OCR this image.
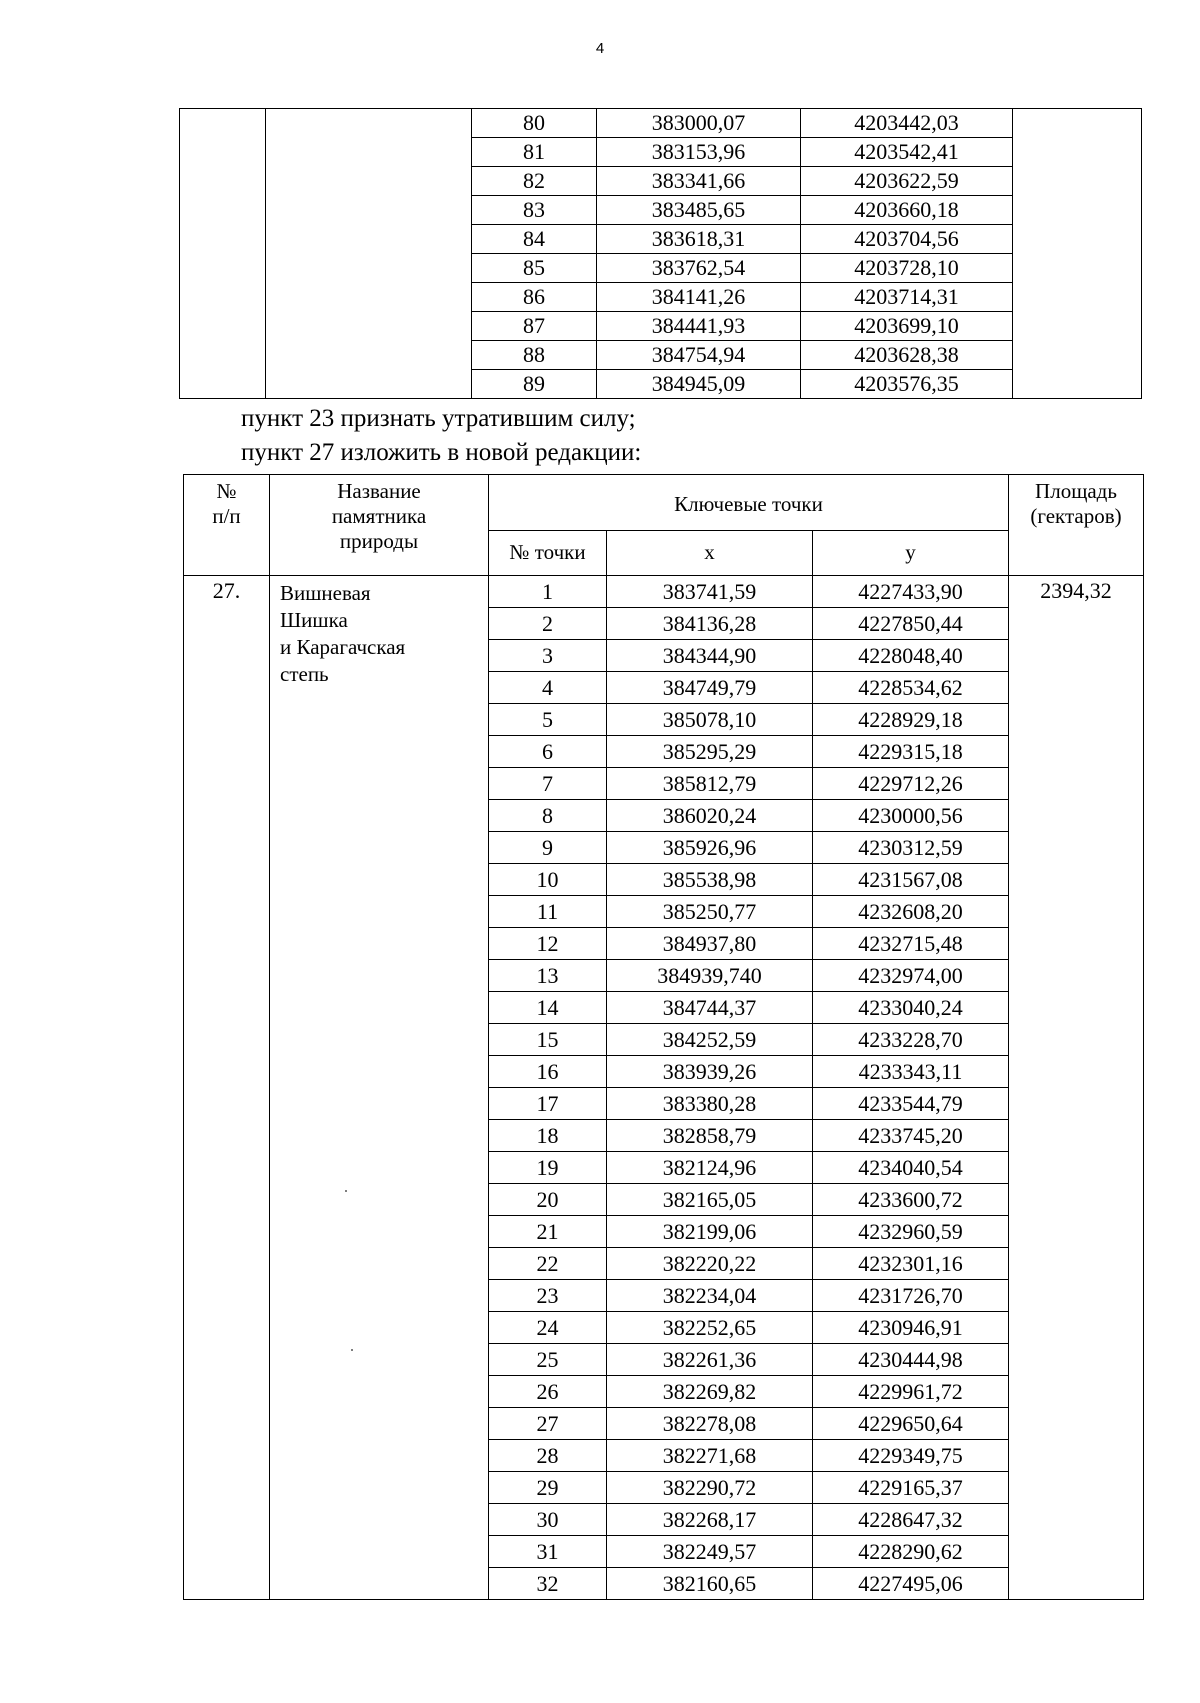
4
		80	383000,07	4203442,03	
		81	383153,96	4203542,41	
		82	383341,66	4203622,59	
		83	383485,65	4203660,18	
		84	383618,31	4203704,56	
		85	383762,54	4203728,10	
		86	384141,26	4203714,31	
		87	384441,93	4203699,10	
		88	384754,94	4203628,38	
		89	384945,09	4203576,35	
пункт 23 признать утратившим силу;
пункт 27 изложить в новой редакции:
№
п/п	Название
памятника
природы	Ключевые точки			Площадь
(гектаров)
		№ точки	x	y	
27.	Вишневая
Шишка
и Карагачская
степь	1	383741,59	4227433,90	2394,32
		2	384136,28	4227850,44	
		3	384344,90	4228048,40	
		4	384749,79	4228534,62	
		5	385078,10	4228929,18	
		6	385295,29	4229315,18	
		7	385812,79	4229712,26	
		8	386020,24	4230000,56	
		9	385926,96	4230312,59	
		10	385538,98	4231567,08	
		11	385250,77	4232608,20	
		12	384937,80	4232715,48	
		13	384939,740	4232974,00	
		14	384744,37	4233040,24	
		15	384252,59	4233228,70	
		16	383939,26	4233343,11	
		17	383380,28	4233544,79	
		18	382858,79	4233745,20	
		19	382124,96	4234040,54	
		20	382165,05	4233600,72	
		21	382199,06	4232960,59	
		22	382220,22	4232301,16	
		23	382234,04	4231726,70	
		24	382252,65	4230946,91	
		25	382261,36	4230444,98	
		26	382269,82	4229961,72	
		27	382278,08	4229650,64	
		28	382271,68	4229349,75	
		29	382290,72	4229165,37	
		30	382268,17	4228647,32	
		31	382249,57	4228290,62	
		32	382160,65	4227495,06	
